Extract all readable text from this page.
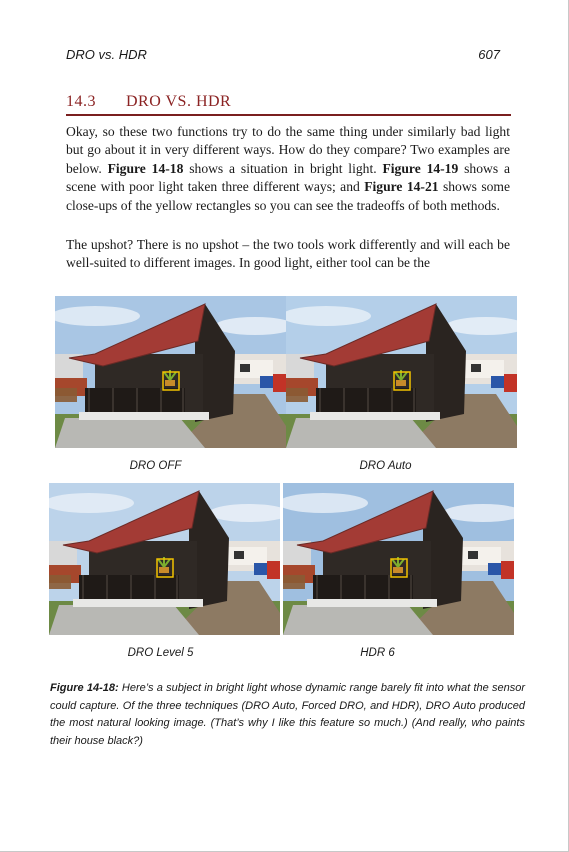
DRO vs. HDR	607
14.3 DRO VS. HDR

Okay, so these two functions try to do the same thing under similarly bad light but go about it in very different ways. How do they compare? Two examples are below. Figure 14-18 shows a situation in bright light. Figure 14-19 shows a scene with poor light taken three different ways; and Figure 14-21 shows some close-ups of the yellow rectangles so you can see the tradeoffs of both methods.

The upshot? There is no upshot – the two tools work differently and will each be well-suited to different images. In good light, either tool can be the

DRO OFF	DRO Auto
DRO Level 5	HDR 6

Figure 14-18: Here’s a subject in bright light whose dynamic range barely fit into what the sensor could capture. Of the three techniques (DRO Auto, Forced DRO, and HDR), DRO Auto produced the most natural looking image. (That’s why I like this feature so much.) (And really, who paints their house black?)
